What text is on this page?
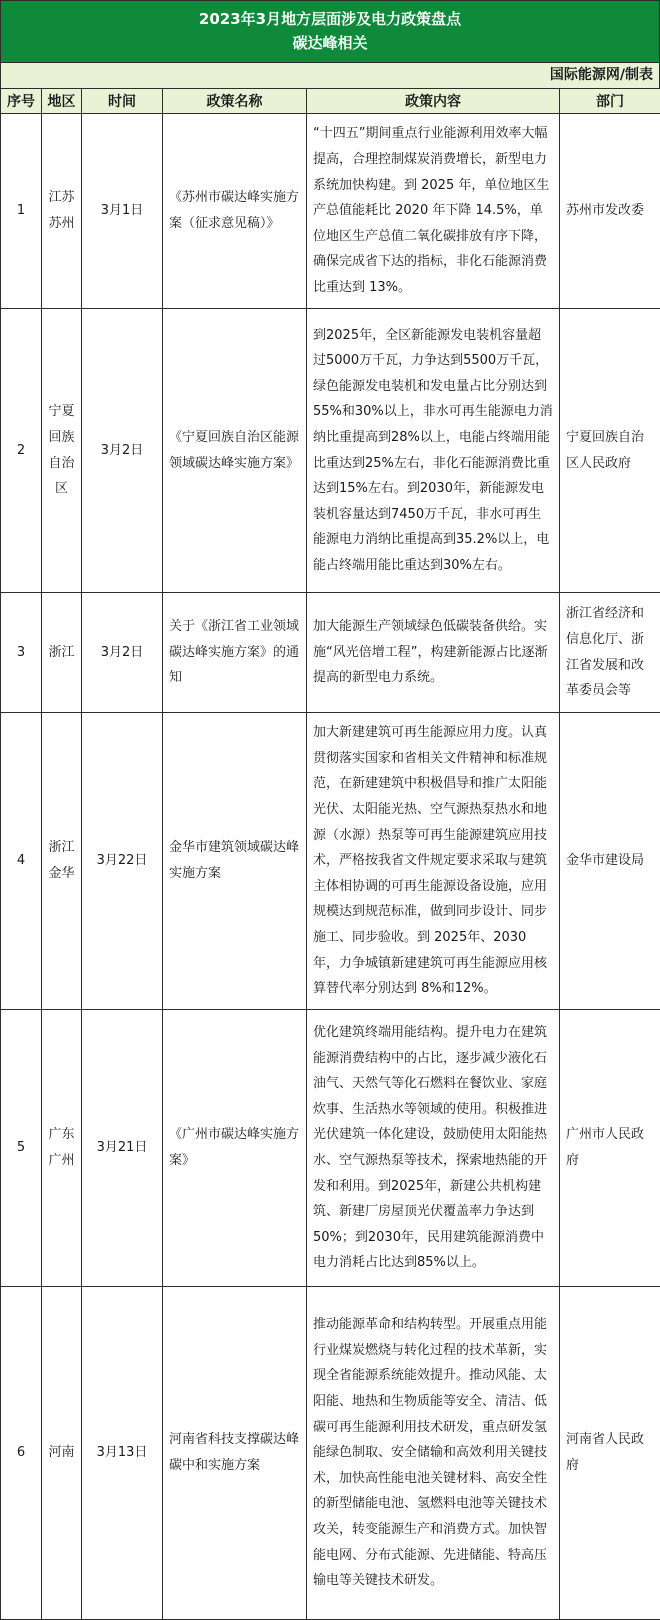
2023年3月地方层面涉及电力政策盘点
碳达峰相关
国际能源网/制表
序号	地区	时间	政策名称	政策内容	部门
1	江苏苏州	3月1日	《苏州市碳达峰实施方案（征求意见稿）》	“十四五”期间重点行业能源利用效率大幅提高，合理控制煤炭消费增长，新型电力系统加快构建。到 2025 年，单位地区生产总值能耗比 2020 年下降 14.5%，单位地区生产总值二氧化碳排放有序下降，确保完成省下达的指标，非化石能源消费比重达到 13%。	苏州市发改委
2	宁夏回族自治区	3月2日	《宁夏回族自治区能源领域碳达峰实施方案》	到2025年，全区新能源发电装机容量超过5000万千瓦，力争达到5500万千瓦，绿色能源发电装机和发电量占比分别达到55%和30%以上，非水可再生能源电力消纳比重提高到28%以上，电能占终端用能比重达到25%左右，非化石能源消费比重达到15%左右。到2030年，新能源发电装机容量达到7450万千瓦，非水可再生能源电力消纳比重提高到35.2%以上，电能占终端用能比重达到30%左右。	宁夏回族自治区人民政府
3	浙江	3月2日	关于《浙江省工业领域碳达峰实施方案》的通知	加大能源生产领域绿色低碳装备供给。实施“风光倍增工程”，构建新能源占比逐渐提高的新型电力系统。	浙江省经济和信息化厅、浙江省发展和改革委员会等
4	浙江金华	3月22日	金华市建筑领域碳达峰实施方案	加大新建建筑可再生能源应用力度。认真贯彻落实国家和省相关文件精神和标准规范，在新建建筑中积极倡导和推广太阳能光伏、太阳能光热、空气源热泵热水和地源（水源）热泵等可再生能源建筑应用技术，严格按我省文件规定要求采取与建筑主体相协调的可再生能源设备设施，应用规模达到规范标准，做到同步设计、同步施工、同步验收。到 2025年、2030 年，力争城镇新建建筑可再生能源应用核算替代率分别达到 8%和12%。	金华市建设局
5	广东广州	3月21日	《广州市碳达峰实施方案》	优化建筑终端用能结构。提升电力在建筑能源消费结构中的占比，逐步减少液化石油气、天然气等化石燃料在餐饮业、家庭炊事、生活热水等领域的使用。积极推进光伏建筑一体化建设，鼓励使用太阳能热水、空气源热泵等技术，探索地热能的开发和利用。到2025年，新建公共机构建筑、新建厂房屋顶光伏覆盖率力争达到50%；到2030年，民用建筑能源消费中电力消耗占比达到85%以上。	广州市人民政府
6	河南	3月13日	河南省科技支撑碳达峰碳中和实施方案	推动能源革命和结构转型。开展重点用能行业煤炭燃烧与转化过程的技术革新，实现全省能源系统能效提升。推动风能、太阳能、地热和生物质能等安全、清洁、低碳可再生能源利用技术研发，重点研发氢能绿色制取、安全储输和高效利用关键技术，加快高性能电池关键材料、高安全性的新型储能电池、氢燃料电池等关键技术攻关，转变能源生产和消费方式。加快智能电网、分布式能源、先进储能、特高压输电等关键技术研发。	河南省人民政府
